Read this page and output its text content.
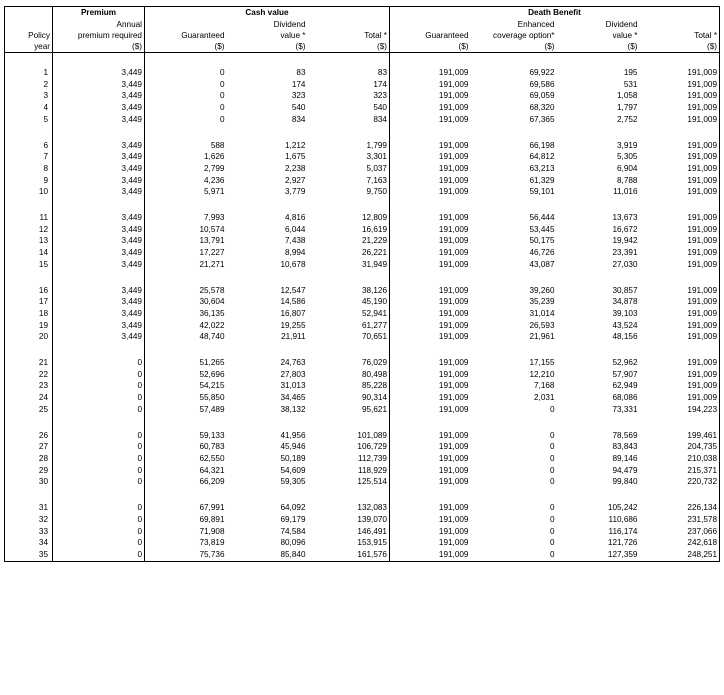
	Premium	Cash value			Death Benefit			
	Annual		Dividend			Enhanced	Dividend	
Policy	premium required	Guaranteed	value *	Total *	Guaranteed	coverage option*	value *	Total *
year	($)	($)	($)	($)	($)	($)	($)	($)

1	3,449	0	83	83	191,009	69,922	195	191,009
2	3,449	0	174	174	191,009	69,586	531	191,009
3	3,449	0	323	323	191,009	69,059	1,058	191,009
4	3,449	0	540	540	191,009	68,320	1,797	191,009
5	3,449	0	834	834	191,009	67,365	2,752	191,009

6	3,449	588	1,212	1,799	191,009	66,198	3,919	191,009
7	3,449	1,626	1,675	3,301	191,009	64,812	5,305	191,009
8	3,449	2,799	2,238	5,037	191,009	63,213	6,904	191,009
9	3,449	4,236	2,927	7,163	191,009	61,329	8,788	191,009
10	3,449	5,971	3,779	9,750	191,009	59,101	11,016	191,009

11	3,449	7,993	4,816	12,809	191,009	56,444	13,673	191,009
12	3,449	10,574	6,044	16,619	191,009	53,445	16,672	191,009
13	3,449	13,791	7,438	21,229	191,009	50,175	19,942	191,009
14	3,449	17,227	8,994	26,221	191,009	46,726	23,391	191,009
15	3,449	21,271	10,678	31,949	191,009	43,087	27,030	191,009

16	3,449	25,578	12,547	38,126	191,009	39,260	30,857	191,009
17	3,449	30,604	14,586	45,190	191,009	35,239	34,878	191,009
18	3,449	36,135	16,807	52,941	191,009	31,014	39,103	191,009
19	3,449	42,022	19,255	61,277	191,009	26,593	43,524	191,009
20	3,449	48,740	21,911	70,651	191,009	21,961	48,156	191,009

21	0	51,265	24,763	76,029	191,009	17,155	52,962	191,009
22	0	52,696	27,803	80,498	191,009	12,210	57,907	191,009
23	0	54,215	31,013	85,228	191,009	7,168	62,949	191,009
24	0	55,850	34,465	90,314	191,009	2,031	68,086	191,009
25	0	57,489	38,132	95,621	191,009	0	73,331	194,223

26	0	59,133	41,956	101,089	191,009	0	78,569	199,461
27	0	60,783	45,946	106,729	191,009	0	83,843	204,735
28	0	62,550	50,189	112,739	191,009	0	89,146	210,038
29	0	64,321	54,609	118,929	191,009	0	94,479	215,371
30	0	66,209	59,305	125,514	191,009	0	99,840	220,732

31	0	67,991	64,092	132,083	191,009	0	105,242	226,134
32	0	69,891	69,179	139,070	191,009	0	110,686	231,578
33	0	71,908	74,584	146,491	191,009	0	116,174	237,066
34	0	73,819	80,096	153,915	191,009	0	121,726	242,618
35	0	75,736	85,840	161,576	191,009	0	127,359	248,251
